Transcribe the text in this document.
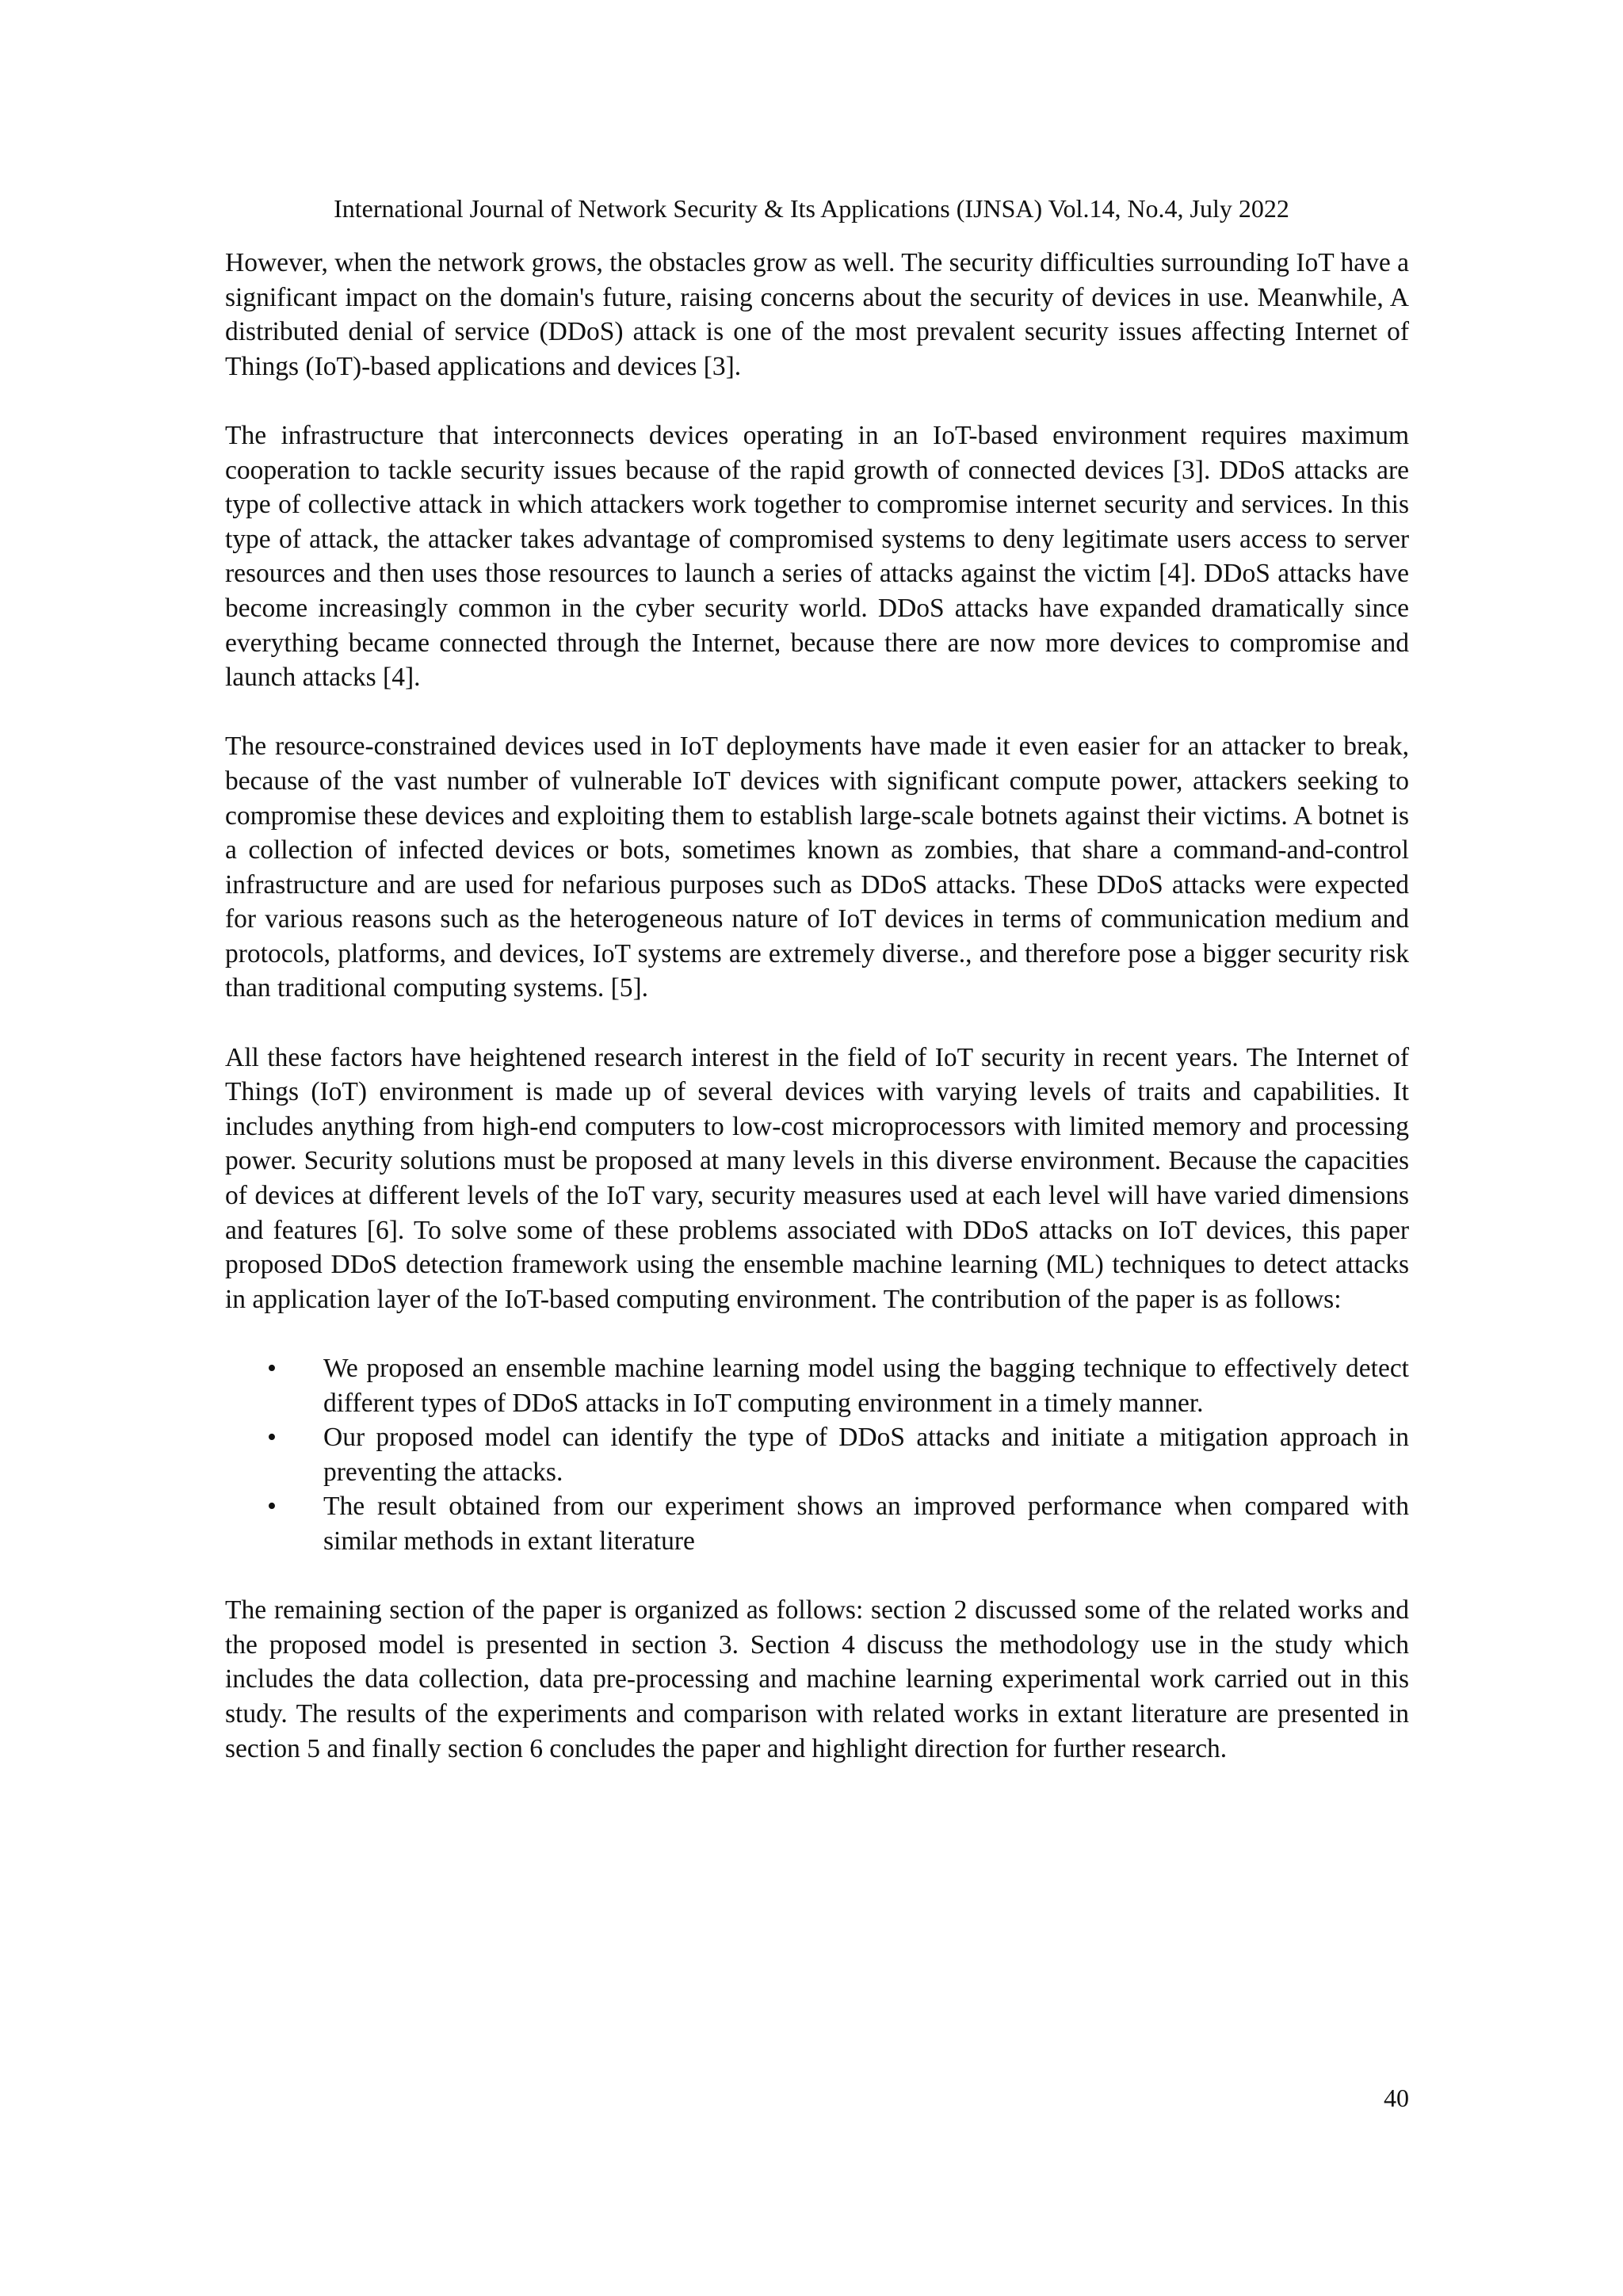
International Journal of Network Security & Its Applications (IJNSA) Vol.14, No.4, July 2022

However, when the network grows, the obstacles grow as well. The security difficulties surrounding IoT have a significant impact on the domain's future, raising concerns about the security of devices in use. Meanwhile, A distributed denial of service (DDoS) attack is one of the most prevalent security issues affecting Internet of Things (IoT)-based applications and devices [3].

The infrastructure that interconnects devices operating in an IoT-based environment requires maximum cooperation to tackle security issues because of the rapid growth of connected devices [3]. DDoS attacks are type of collective attack in which attackers work together to compromise internet security and services. In this type of attack, the attacker takes advantage of compromised systems to deny legitimate users access to server resources and then uses those resources to launch a series of attacks against the victim [4]. DDoS attacks have become increasingly common in the cyber security world. DDoS attacks have expanded dramatically since everything became connected through the Internet, because there are now more devices to compromise and launch attacks [4].

The resource-constrained devices used in IoT deployments have made it even easier for an attacker to break, because of the vast number of vulnerable IoT devices with significant compute power, attackers seeking to compromise these devices and exploiting them to establish large-scale botnets against their victims. A botnet is a collection of infected devices or bots, sometimes known as zombies, that share a command-and-control infrastructure and are used for nefarious purposes such as DDoS attacks. These DDoS attacks were expected for various reasons such as the heterogeneous nature of IoT devices in terms of communication medium and protocols, platforms, and devices, IoT systems are extremely diverse., and therefore pose a bigger security risk than traditional computing systems. [5].

All these factors have heightened research interest in the field of IoT security in recent years. The Internet of Things (IoT) environment is made up of several devices with varying levels of traits and capabilities. It includes anything from high-end computers to low-cost microprocessors with limited memory and processing power. Security solutions must be proposed at many levels in this diverse environment. Because the capacities of devices at different levels of the IoT vary, security measures used at each level will have varied dimensions and features [6]. To solve some of these problems associated with DDoS attacks on IoT devices, this paper proposed DDoS detection framework using the ensemble machine learning (ML) techniques to detect attacks in application layer of the IoT-based computing environment. The contribution of the paper is as follows:

• We proposed an ensemble machine learning model using the bagging technique to effectively detect different types of DDoS attacks in IoT computing environment in a timely manner.
• Our proposed model can identify the type of DDoS attacks and initiate a mitigation approach in preventing the attacks.
• The result obtained from our experiment shows an improved performance when compared with similar methods in extant literature

The remaining section of the paper is organized as follows: section 2 discussed some of the related works and the proposed model is presented in section 3. Section 4 discuss the methodology use in the study which includes the data collection, data pre-processing and machine learning experimental work carried out in this study. The results of the experiments and comparison with related works in extant literature are presented in section 5 and finally section 6 concludes the paper and highlight direction for further research.

40
